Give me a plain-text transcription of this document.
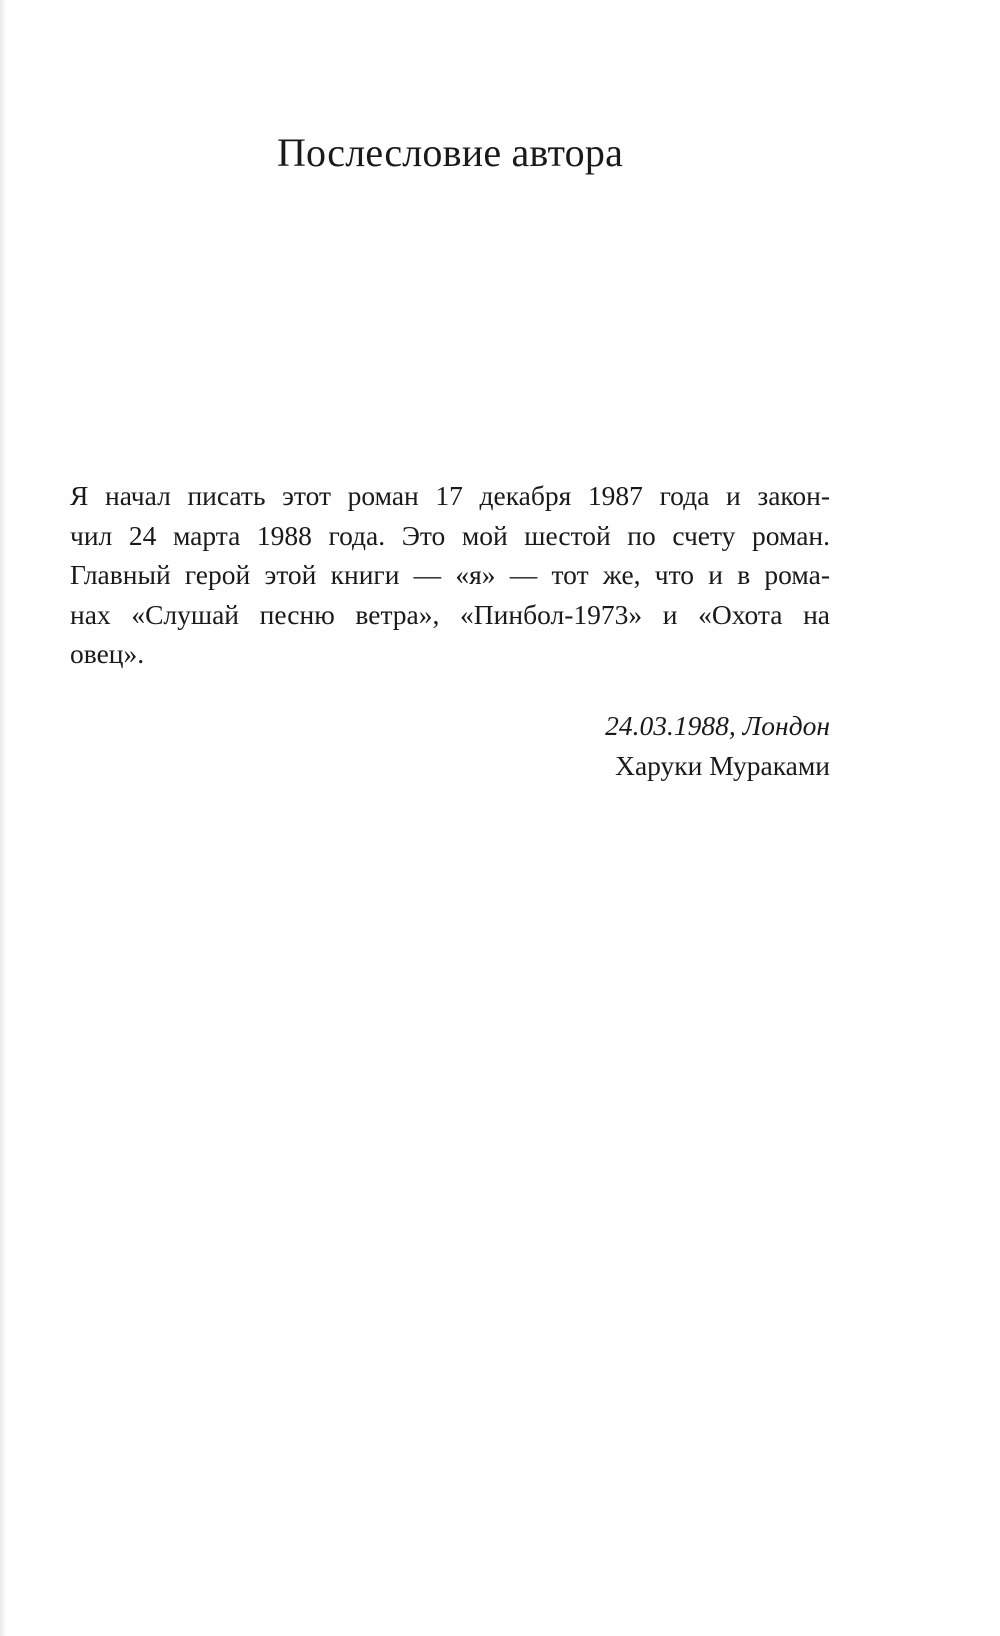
Послесловие автора
Я начал писать этот роман 17 декабря 1987 года и закон-
чил 24 марта 1988 года. Это мой шестой по счету роман.
Главный герой этой книги — «я» — тот же, что и в рома-
нах «Слушай песню ветра», «Пинбол-1973» и «Охота на
овец».
24.03.1988, Лондон
Харуки Мураками
